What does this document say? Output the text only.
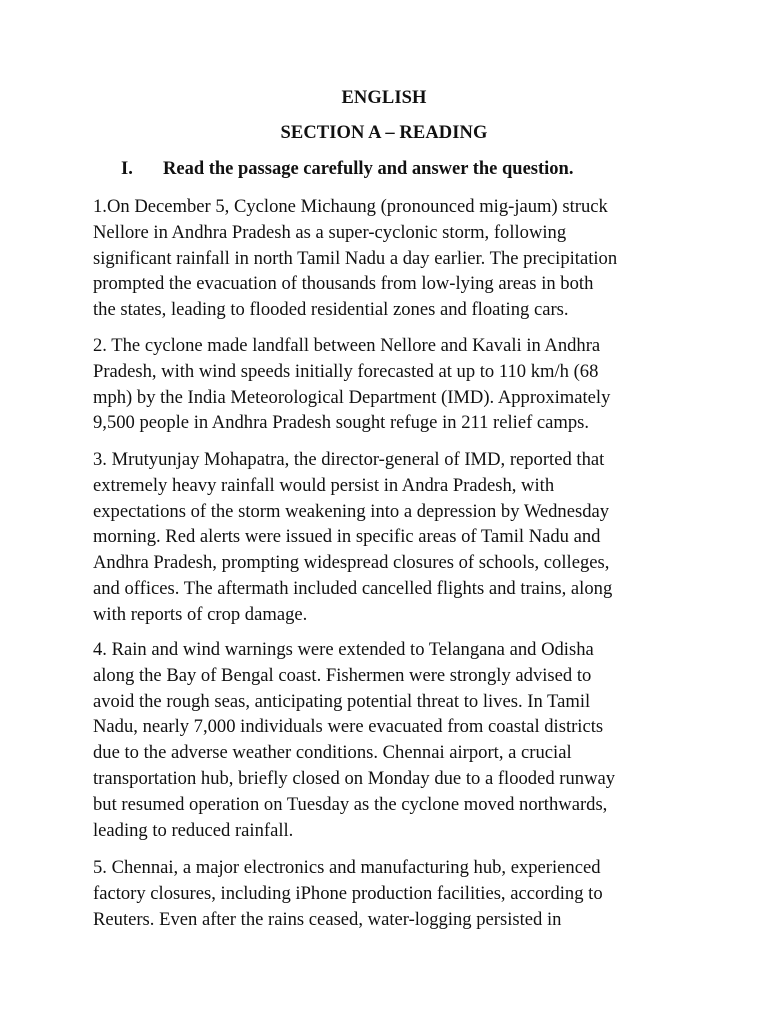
ENGLISH
SECTION A – READING
I. Read the passage carefully and answer the question.
1.On December 5, Cyclone Michaung (pronounced mig-jaum) struck
Nellore in Andhra Pradesh as a super-cyclonic storm, following
significant rainfall in north Tamil Nadu a day earlier. The precipitation
prompted the evacuation of thousands from low-lying areas in both
the states, leading to flooded residential zones and floating cars.
2. The cyclone made landfall between Nellore and Kavali in Andhra
Pradesh, with wind speeds initially forecasted at up to 110 km/h (68
mph) by the India Meteorological Department (IMD). Approximately
9,500 people in Andhra Pradesh sought refuge in 211 relief camps.
3. Mrutyunjay Mohapatra, the director-general of IMD, reported that
extremely heavy rainfall would persist in Andra Pradesh, with
expectations of the storm weakening into a depression by Wednesday
morning. Red alerts were issued in specific areas of Tamil Nadu and
Andhra Pradesh, prompting widespread closures of schools, colleges,
and offices. The aftermath included cancelled flights and trains, along
with reports of crop damage.
4. Rain and wind warnings were extended to Telangana and Odisha
along the Bay of Bengal coast. Fishermen were strongly advised to
avoid the rough seas, anticipating potential threat to lives. In Tamil
Nadu, nearly 7,000 individuals were evacuated from coastal districts
due to the adverse weather conditions. Chennai airport, a crucial
transportation hub, briefly closed on Monday due to a flooded runway
but resumed operation on Tuesday as the cyclone moved northwards,
leading to reduced rainfall.
5. Chennai, a major electronics and manufacturing hub, experienced
factory closures, including iPhone production facilities, according to
Reuters. Even after the rains ceased, water-logging persisted in
